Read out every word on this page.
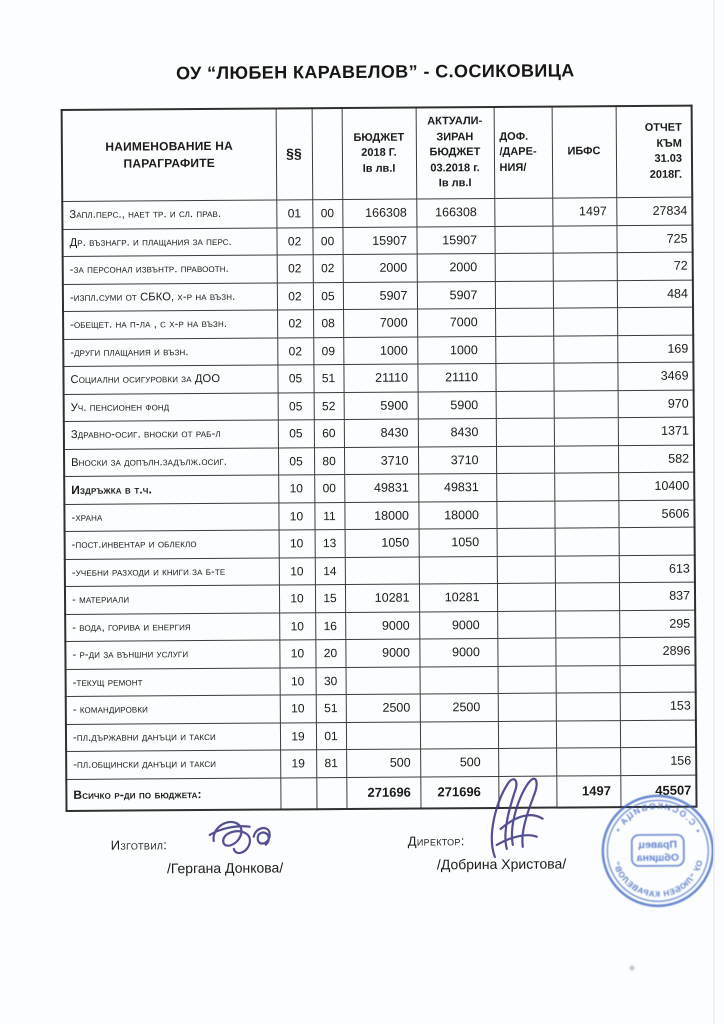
ОУ “ЛЮБЕН КАРАВЕЛОВ” - С.ОСИКОВИЦА
НАИМЕНОВАНИЕ НА
ПАРАГРАФИТЕ	§§		БЮДЖЕТ
2018 Г.
Iв лв.I	АКТУАЛИ-
ЗИРАН
БЮДЖЕТ
03.2018 г.
Iв лв.I	ДОФ.
/ДАРЕ-
НИЯ/	ИБФС	ОТЧЕТ
КЪМ
31.03
2018Г.
Запл.перс., нает тр. и сл. прав.	01	00	166308	166308		1497	27834
Др. възнагр. и плащания за перс.	02	00	15907	15907			725
-за персонал извънтр. правоотн.	02	02	2000	2000			72
-изпл.суми от СБКО, х-р на възн.	02	05	5907	5907			484
-обещет. на п-ла , с х-р на възн.	02	08	7000	7000			
-други плащания и възн.	02	09	1000	1000			169
Социални осигуровки за ДОО	05	51	21110	21110			3469
Уч. пенсионен фонд	05	52	5900	5900			970
Здравно-осиг. вноски от раб-л	05	60	8430	8430			1371
Вноски за допълн.задълж.осиг.	05	80	3710	3710			582
Издръжка в т.ч.	10	00	49831	49831			10400
-храна	10	11	18000	18000			5606
-пост.инвентар и облекло	10	13	1050	1050			
-учебни разходи и книги за б-те	10	14					613
- материали	10	15	10281	10281			837
- вода, горива и енергия	10	16	9000	9000			295
- р-ди за външни услуги	10	20	9000	9000			2896
-текущ ремонт	10	30					
- командировки	10	51	2500	2500			153
-пл.държавни данъци и такси	19	01					
-пл.общински данъци и такси	19	81	500	500			156
Всичко р-ди по бюджета:			271696	271696		1497	45507
Изготвил:
/Гергана Донкова/
Директор:
/Добрина Христова/
Правец
Община
• С.ОСИКОВИЦА •
ОУ “ЛЮБЕН КАРАВЕЛОВ”
